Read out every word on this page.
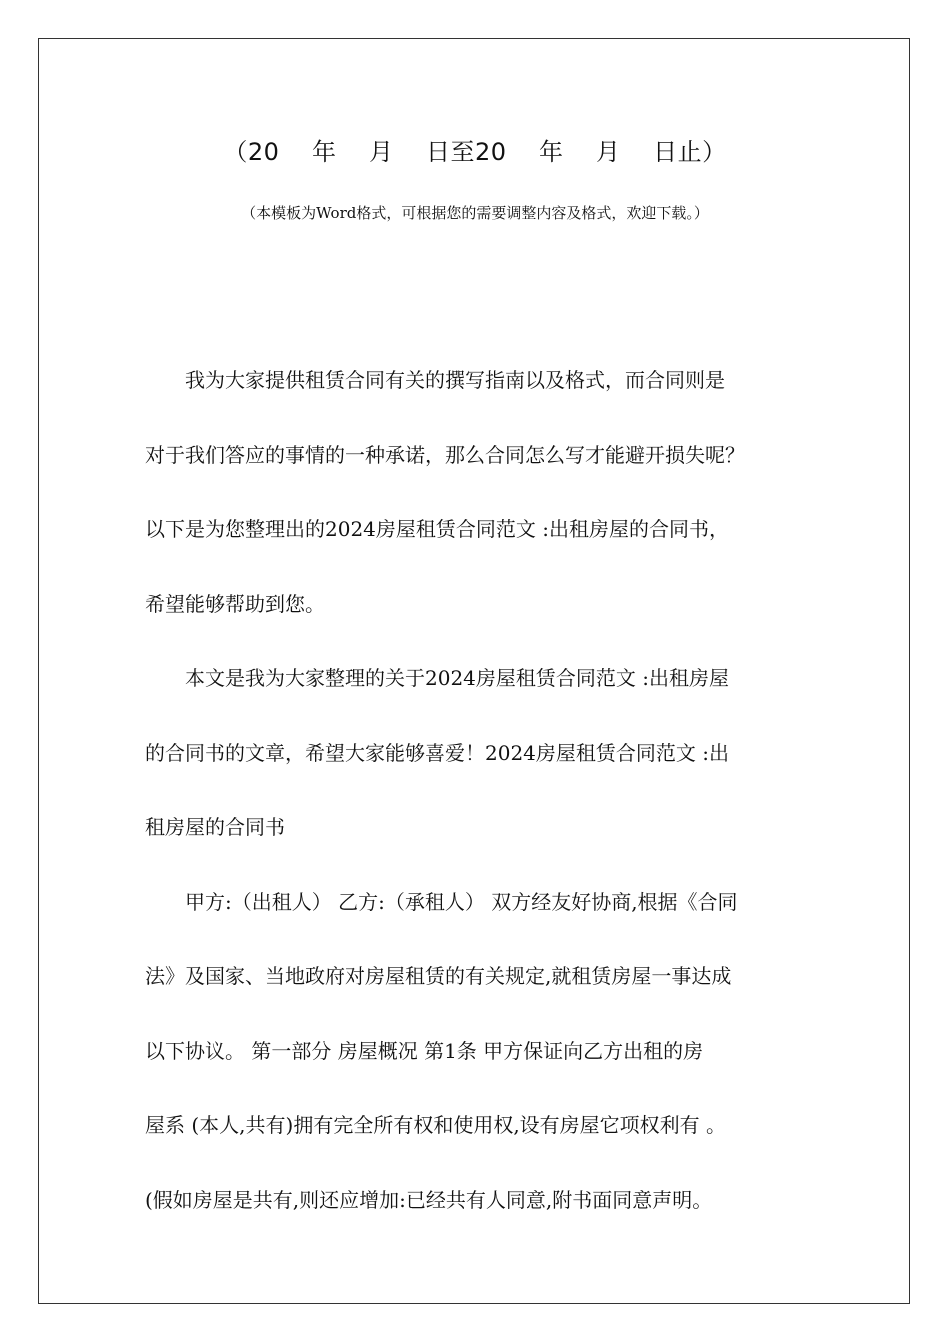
（20    年    月    日至20    年    月    日止）
（本模板为Word格式，可根据您的需要调整内容及格式，欢迎下载。）
　　我为大家提供租赁合同有关的撰写指南以及格式，而合同则是
对于我们答应的事情的一种承诺，那么合同怎么写才能避开损失呢？
以下是为您整理出的2024房屋租赁合同范文 :出租房屋的合同书，
希望能够帮助到您。
　　本文是我为大家整理的关于2024房屋租赁合同范文 :出租房屋
的合同书的文章，希望大家能够喜爱！2024房屋租赁合同范文 :出
租房屋的合同书
　　甲方:（出租人） 乙方:（承租人） 双方经友好协商,根据《合同
法》及国家、当地政府对房屋租赁的有关规定,就租赁房屋一事达成
以下协议。 第一部分 房屋概况 第1条 甲方保证向乙方出租的房
屋系 (本人,共有)拥有完全所有权和使用权,设有房屋它项权利有 。
(假如房屋是共有,则还应增加:已经共有人同意,附书面同意声明。
